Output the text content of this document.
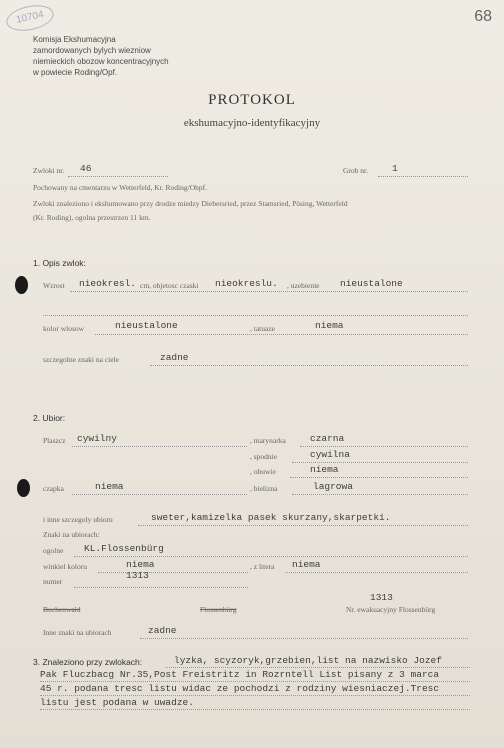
10704	68
Komisja Ekshumacyjna
zamordowanych bylych wiezniow
niemieckich obozow koncentracyjnych
w powiecie Roding/Opf.
PROTOKOL
ekshumacyjno-identyfikacyjny
Zwloki nr. 46	Grob nr.	1
Pochowany na cmentarzu w Wetterfeld, Kr. Roding/Obpf.
Zwloki znaleziono i ekshumowano przy drodze miedzy Diebersried, przez Stamsried, Pösing, Wetterfeld
(Kr. Roding), ogolna przestrzen 11 km.
1. Opis zwlok:
Wzrost nieokresl. cm, objetosc czaski nieokreslu. , uzebienie nieustalone
kolor wlosow	nieustalone	, tatuaze	niema
szczegolne znaki na ciele	zadne
2. Ubior:
Plaszcz cywilny	, marynarka	czarna
, spodnie	cywilna
, obuwie	niema
czapka	niema	, bielizna	lagrowa
i inne szczegoly ubioru	sweter,kamizelka pasek skurzany,skarpetki.
Znaki na ubiorach:
ogolne KL.Flossenbürg
winkiel koloru	niema	, z litera niema
numer
1313
Buchenwald	Flossenbürg
1313
Nr. ewakuacyjny Flossenbürg
Inne znaki na ubiorach	zadne
3. Znaleziono przy zwlokach:	lyzka, scyzoryk,grzebien,list na nazwisko Jozef
Pak Fluczbacg Nr.35,Post Freistritz in Rozrntell List pisany z 3 marca
45 r. podana tresc listu widac ze pochodzi z rodziny wiesniaczej.Tresc
listu jest podana w uwadze.
